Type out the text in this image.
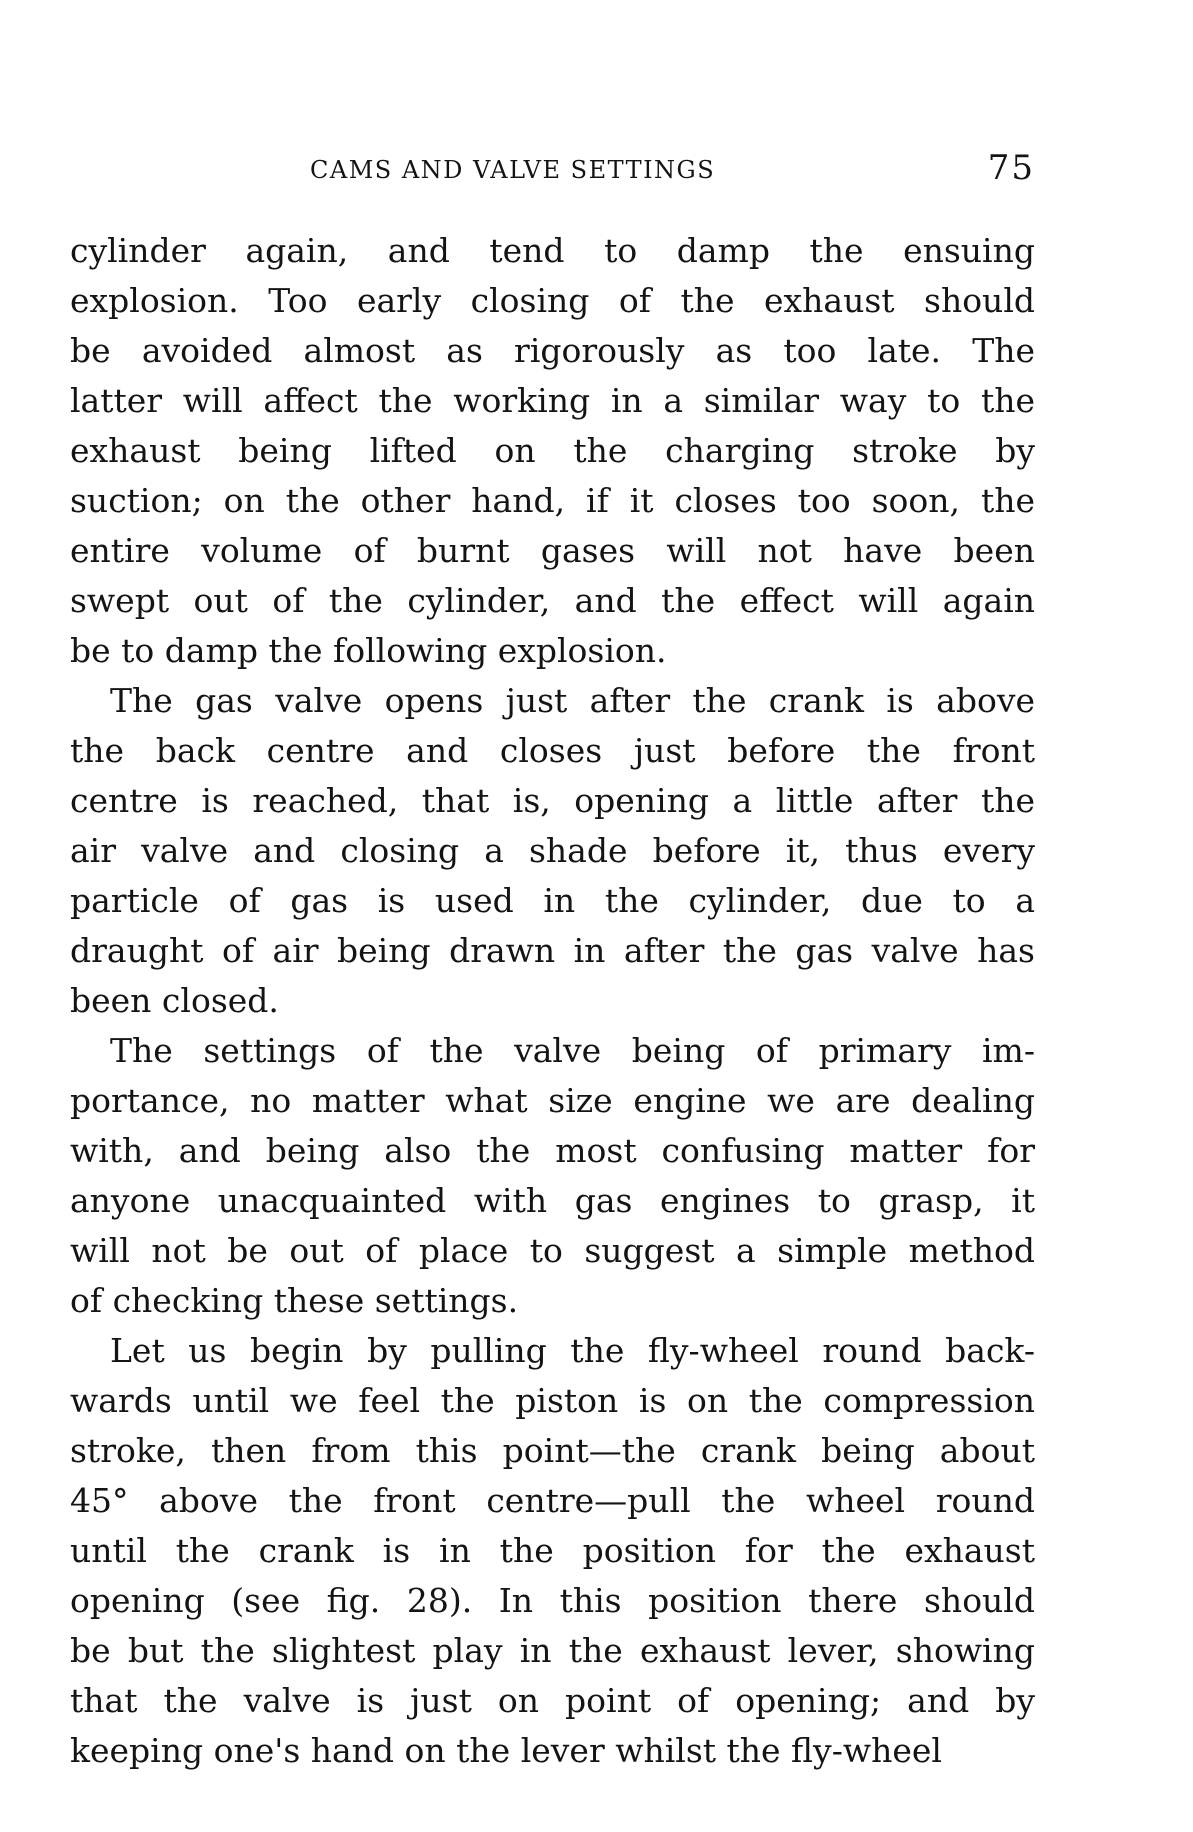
CAMS AND VALVE SETTINGS	75
cylinder again, and tend to damp the ensuing
explosion. Too early closing of the exhaust should
be avoided almost as rigorously as too late. The
latter will affect the working in a similar way to the
exhaust being lifted on the charging stroke by
suction; on the other hand, if it closes too soon, the
entire volume of burnt gases will not have been
swept out of the cylinder, and the effect will again
be to damp the following explosion.
The gas valve opens just after the crank is above
the back centre and closes just before the front
centre is reached, that is, opening a little after the
air valve and closing a shade before it, thus every
particle of gas is used in the cylinder, due to a
draught of air being drawn in after the gas valve has
been closed.
The settings of the valve being of primary im-
portance, no matter what size engine we are dealing
with, and being also the most confusing matter for
anyone unacquainted with gas engines to grasp, it
will not be out of place to suggest a simple method
of checking these settings.
Let us begin by pulling the fly-wheel round back-
wards until we feel the piston is on the compression
stroke, then from this point—the crank being about
45° above the front centre—pull the wheel round
until the crank is in the position for the exhaust
opening (see fig. 28). In this position there should
be but the slightest play in the exhaust lever, showing
that the valve is just on point of opening; and by
keeping one's hand on the lever whilst the fly-wheel
